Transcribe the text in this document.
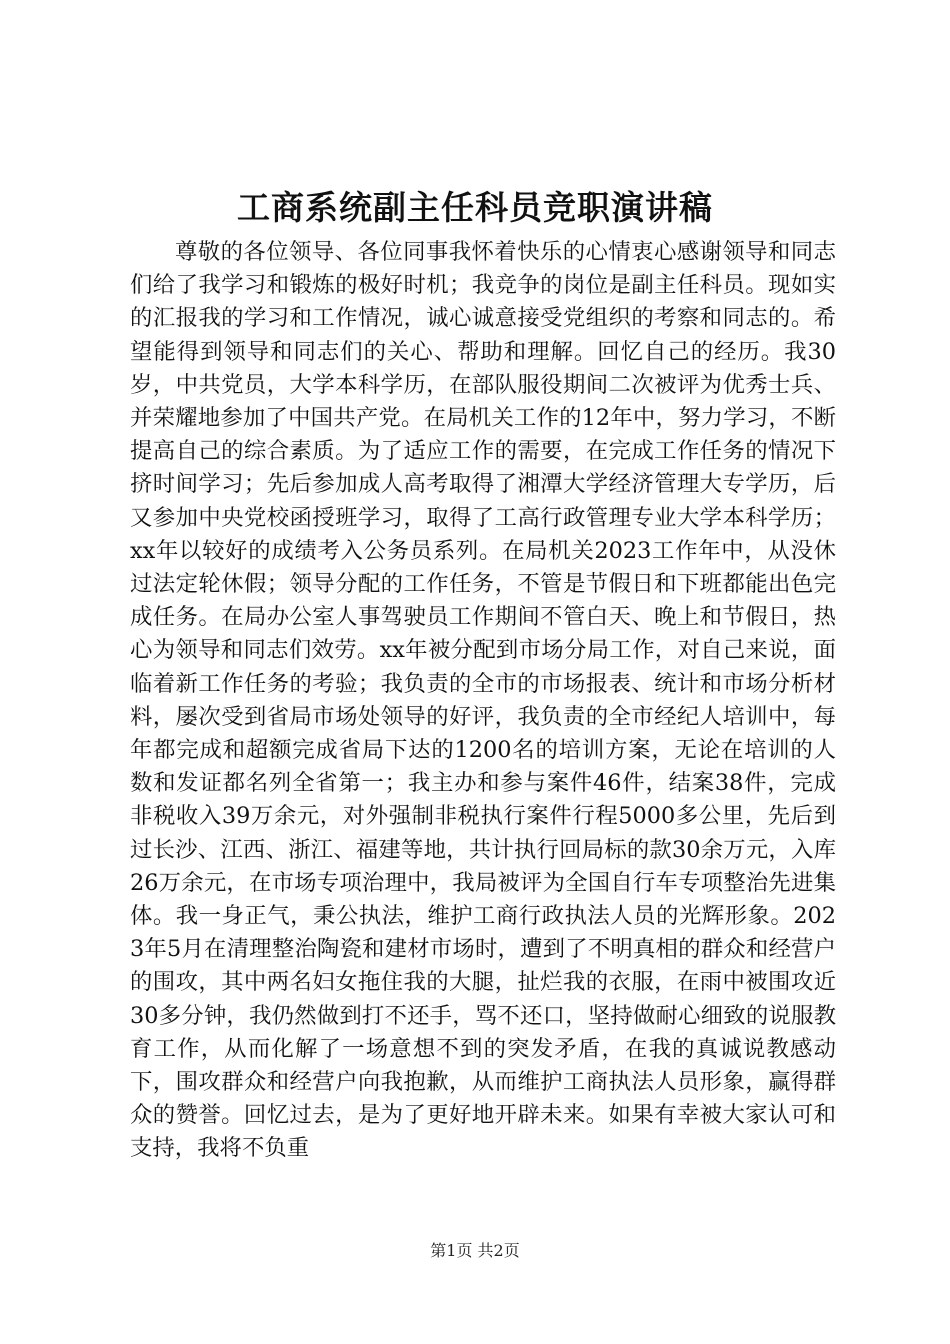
工商系统副主任科员竞职演讲稿

尊敬的各位领导、各位同事我怀着快乐的心情衷心感谢领导和同志们给了我学习和锻炼的极好时机；我竞争的岗位是副主任科员。现如实的汇报我的学习和工作情况，诚心诚意接受党组织的考察和同志的。希望能得到领导和同志们的关心、帮助和理解。回忆自己的经历。我30岁，中共党员，大学本科学历，在部队服役期间二次被评为优秀士兵、并荣耀地参加了中国共产党。在局机关工作的12年中，努力学习，不断提高自己的综合素质。为了适应工作的需要，在完成工作任务的情况下挤时间学习；先后参加成人高考取得了湘潭大学经济管理大专学历，后又参加中央党校函授班学习，取得了工高行政管理专业大学本科学历；xx年以较好的成绩考入公务员系列。在局机关2023工作年中，从没休过法定轮休假；领导分配的工作任务，不管是节假日和下班都能出色完成任务。在局办公室人事驾驶员工作期间不管白天、晚上和节假日，热心为领导和同志们效劳。xx年被分配到市场分局工作，对自己来说，面临着新工作任务的考验；我负责的全市的市场报表、统计和市场分析材料，屡次受到省局市场处领导的好评，我负责的全市经纪人培训中，每年都完成和超额完成省局下达的1200名的培训方案，无论在培训的人数和发证都名列全省第一；我主办和参与案件46件，结案38件，完成非税收入39万余元，对外强制非税执行案件行程5000多公里，先后到过长沙、江西、浙江、福建等地，共计执行回局标的款30余万元，入库26万余元，在市场专项治理中，我局被评为全国自行车专项整治先进集体。我一身正气，秉公执法，维护工商行政执法人员的光辉形象。2023年5月在清理整治陶瓷和建材市场时，遭到了不明真相的群众和经营户的围攻，其中两名妇女拖住我的大腿，扯烂我的衣服，在雨中被围攻近30多分钟，我仍然做到打不还手，骂不还口，坚持做耐心细致的说服教育工作，从而化解了一场意想不到的突发矛盾，在我的真诚说教感动下，围攻群众和经营户向我抱歉，从而维护工商执法人员形象，赢得群众的赞誉。回忆过去，是为了更好地开辟未来。如果有幸被大家认可和支持，我将不负重

第1页 共2页
